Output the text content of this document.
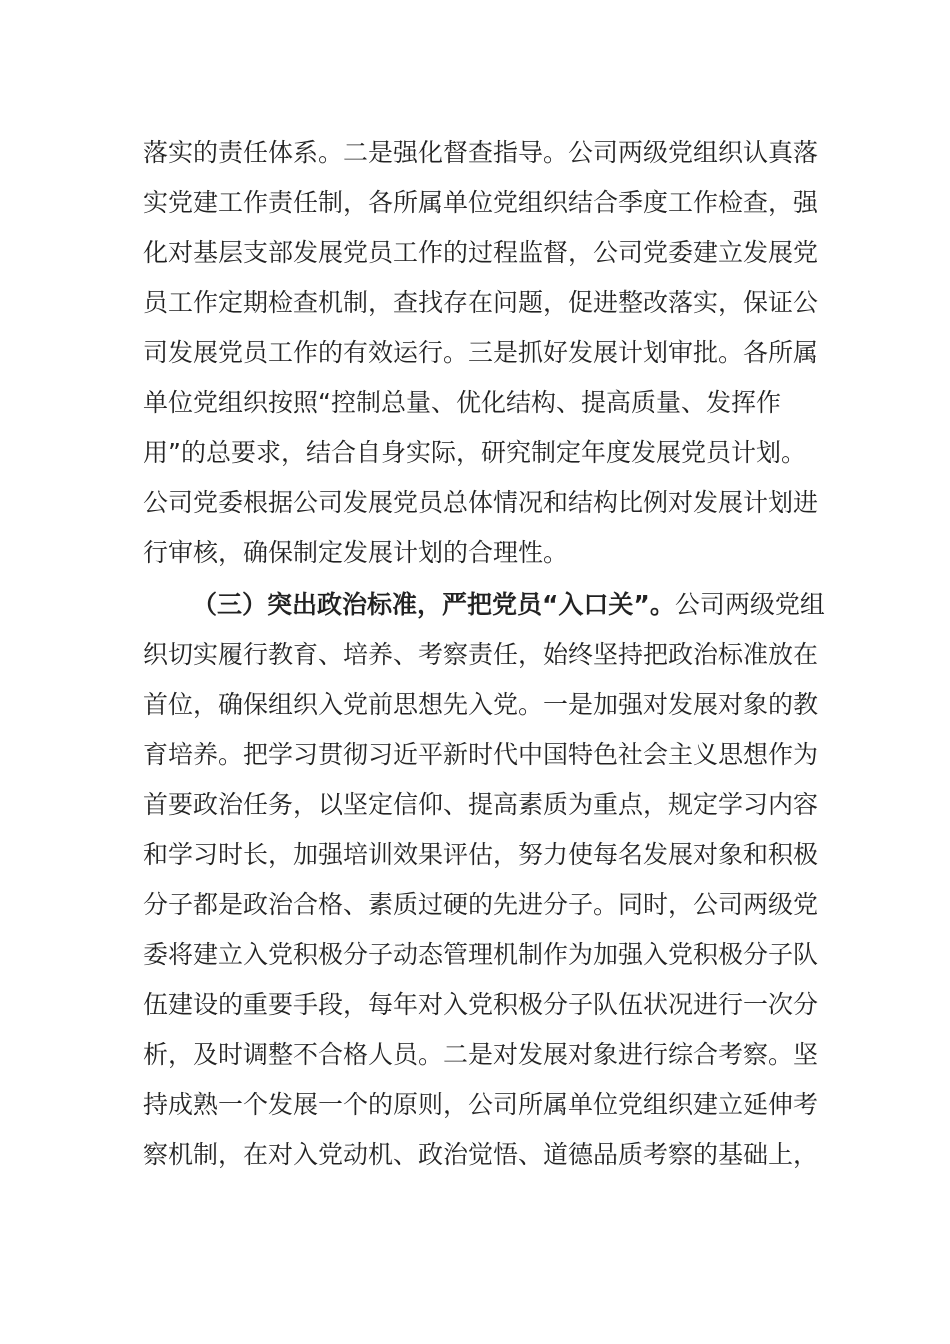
落实的责任体系。二是强化督查指导。公司两级党组织认真落
实党建工作责任制，各所属单位党组织结合季度工作检查，强
化对基层支部发展党员工作的过程监督，公司党委建立发展党
员工作定期检查机制，查找存在问题，促进整改落实，保证公
司发展党员工作的有效运行。三是抓好发展计划审批。各所属
单位党组织按照“控制总量、优化结构、提高质量、发挥作
用”的总要求，结合自身实际，研究制定年度发展党员计划。
公司党委根据公司发展党员总体情况和结构比例对发展计划进
行审核，确保制定发展计划的合理性。
（三）突出政治标准，严把党员“入口关”。公司两级党组
织切实履行教育、培养、考察责任，始终坚持把政治标准放在
首位，确保组织入党前思想先入党。一是加强对发展对象的教
育培养。把学习贯彻习近平新时代中国特色社会主义思想作为
首要政治任务，以坚定信仰、提高素质为重点，规定学习内容
和学习时长，加强培训效果评估，努力使每名发展对象和积极
分子都是政治合格、素质过硬的先进分子。同时，公司两级党
委将建立入党积极分子动态管理机制作为加强入党积极分子队
伍建设的重要手段，每年对入党积极分子队伍状况进行一次分
析，及时调整不合格人员。二是对发展对象进行综合考察。坚
持成熟一个发展一个的原则，公司所属单位党组织建立延伸考
察机制，在对入党动机、政治觉悟、道德品质考察的基础上，
